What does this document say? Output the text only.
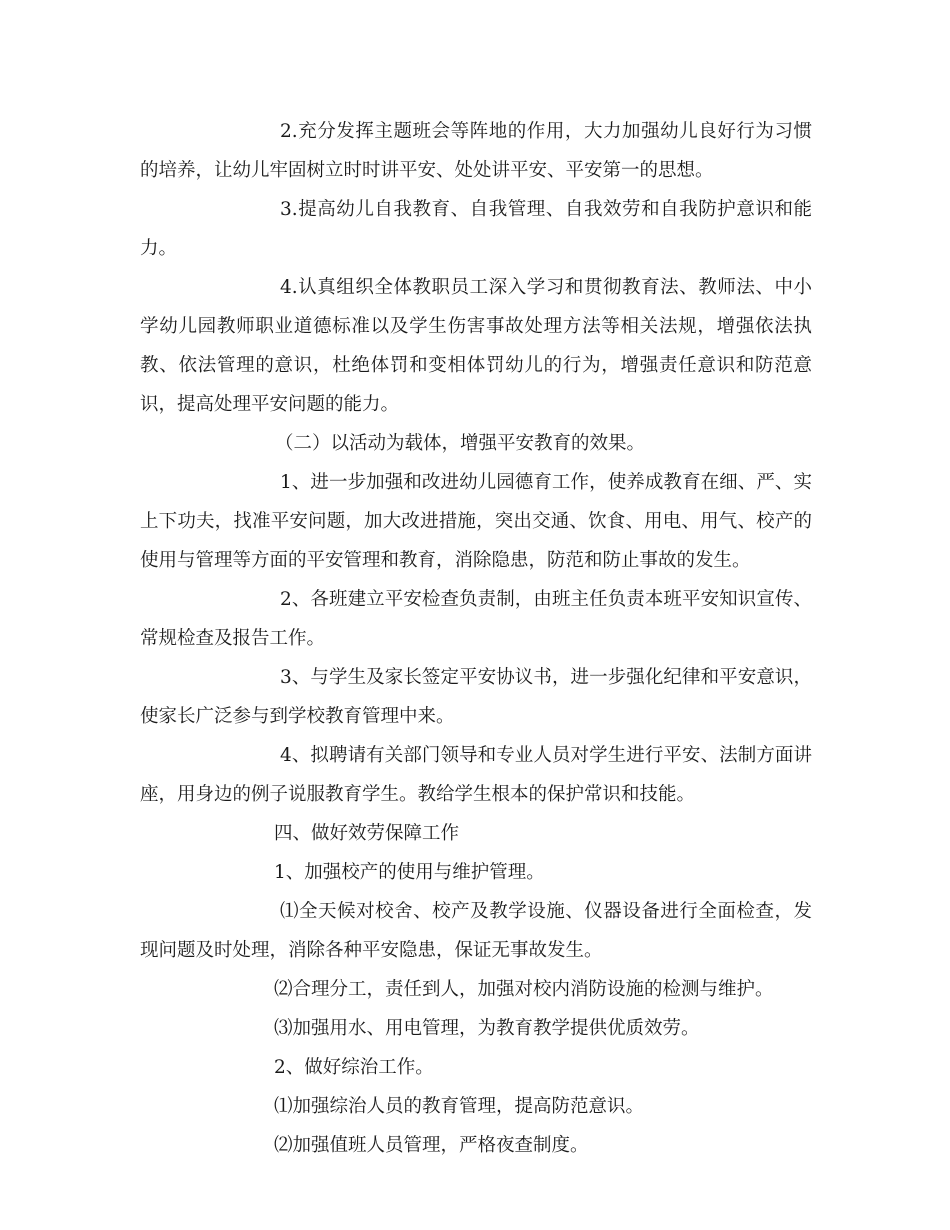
2.充分发挥主题班会等阵地的作用，大力加强幼儿良好行为习惯的培养，让幼儿牢固树立时时讲平安、处处讲平安、平安第一的思想。

3.提高幼儿自我教育、自我管理、自我效劳和自我防护意识和能力。

4.认真组织全体教职员工深入学习和贯彻教育法、教师法、中小学幼儿园教师职业道德标准以及学生伤害事故处理方法等相关法规，增强依法执教、依法管理的意识，杜绝体罚和变相体罚幼儿的行为，增强责任意识和防范意识，提高处理平安问题的能力。

（二）以活动为载体，增强平安教育的效果。

1、进一步加强和改进幼儿园德育工作，使养成教育在细、严、实上下功夫，找准平安问题，加大改进措施，突出交通、饮食、用电、用气、校产的使用与管理等方面的平安管理和教育，消除隐患，防范和防止事故的发生。

2、各班建立平安检查负责制，由班主任负责本班平安知识宣传、常规检查及报告工作。

3、与学生及家长签定平安协议书，进一步强化纪律和平安意识，使家长广泛参与到学校教育管理中来。

4、拟聘请有关部门领导和专业人员对学生进行平安、法制方面讲座，用身边的例子说服教育学生。教给学生根本的保护常识和技能。

四、做好效劳保障工作

1、加强校产的使用与维护管理。

⑴全天候对校舍、校产及教学设施、仪器设备进行全面检查，发现问题及时处理，消除各种平安隐患，保证无事故发生。

⑵合理分工，责任到人，加强对校内消防设施的检测与维护。

⑶加强用水、用电管理，为教育教学提供优质效劳。

2、做好综治工作。

⑴加强综治人员的教育管理，提高防范意识。

⑵加强值班人员管理，严格夜查制度。
